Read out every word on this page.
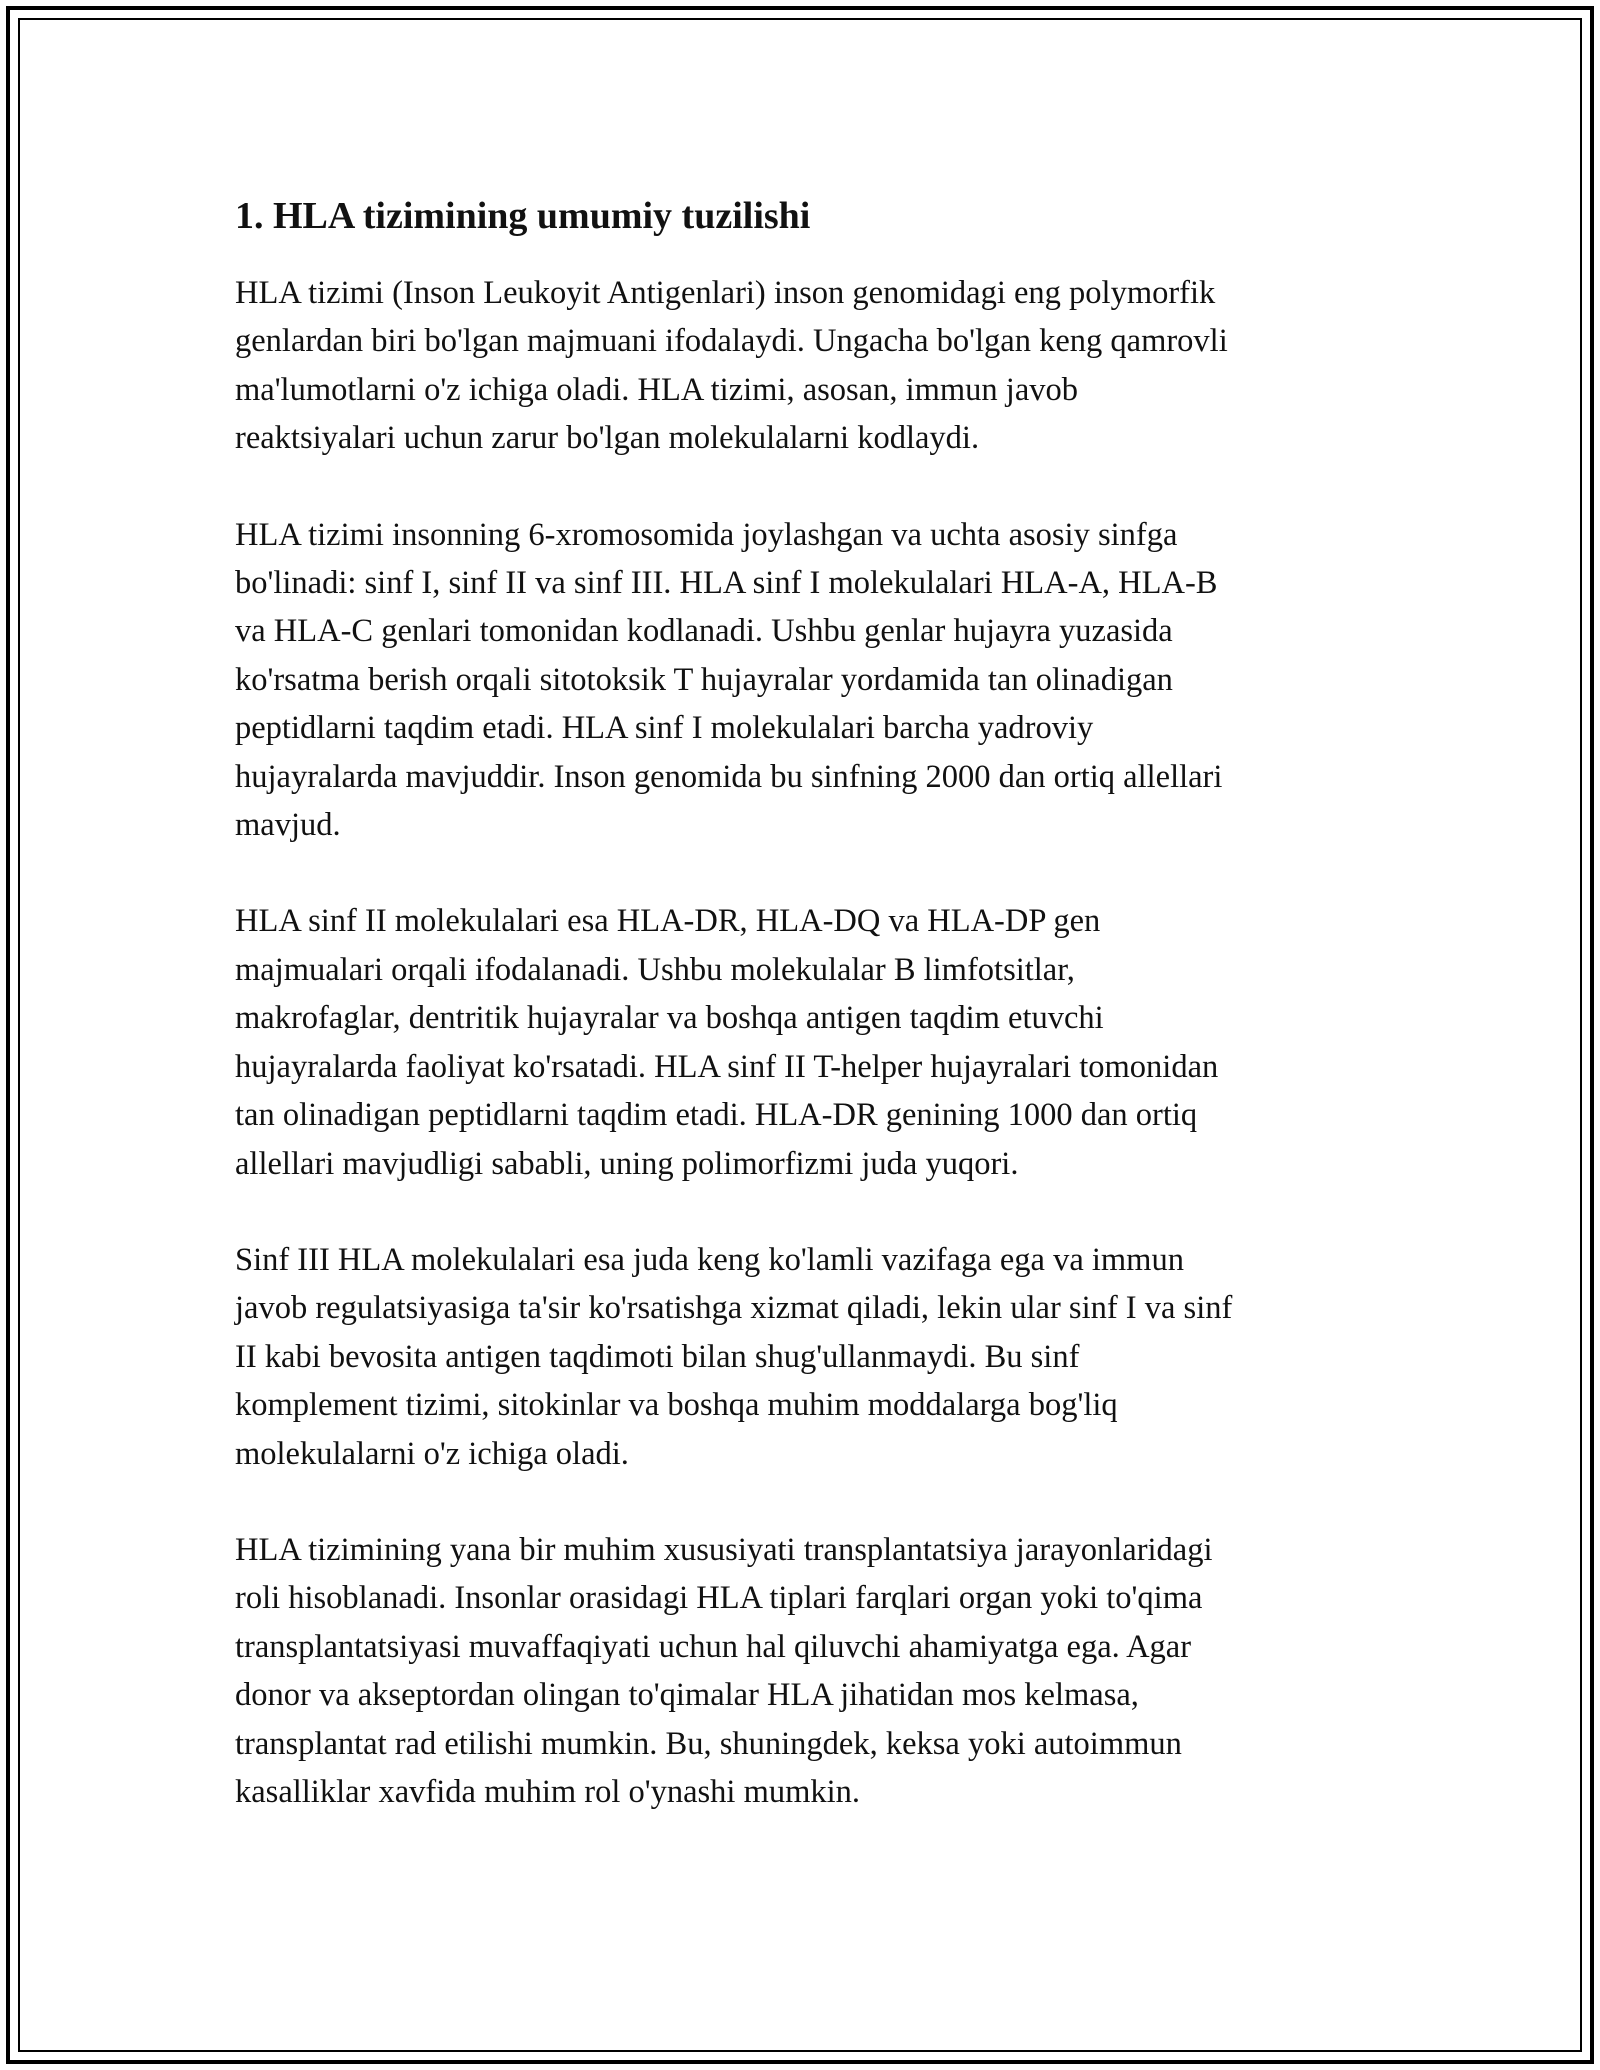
1. HLA tizimining umumiy tuzilishi

HLA tizimi (Inson Leukoyit Antigenlari) inson genomidagi eng polymorfik
genlardan biri bo'lgan majmuani ifodalaydi. Ungacha bo'lgan keng qamrovli
ma'lumotlarni o'z ichiga oladi. HLA tizimi, asosan, immun javob
reaktsiyalari uchun zarur bo'lgan molekulalarni kodlaydi.

HLA tizimi insonning 6-xromosomida joylashgan va uchta asosiy sinfga
bo'linadi: sinf I, sinf II va sinf III. HLA sinf I molekulalari HLA-A, HLA-B
va HLA-C genlari tomonidan kodlanadi. Ushbu genlar hujayra yuzasida
ko'rsatma berish orqali sitotoksik T hujayralar yordamida tan olinadigan
peptidlarni taqdim etadi. HLA sinf I molekulalari barcha yadroviy
hujayralarda mavjuddir. Inson genomida bu sinfning 2000 dan ortiq allellari
mavjud.

HLA sinf II molekulalari esa HLA-DR, HLA-DQ va HLA-DP gen
majmualari orqali ifodalanadi. Ushbu molekulalar B limfotsitlar,
makrofaglar, dentritik hujayralar va boshqa antigen taqdim etuvchi
hujayralarda faoliyat ko'rsatadi. HLA sinf II T-helper hujayralari tomonidan
tan olinadigan peptidlarni taqdim etadi. HLA-DR genining 1000 dan ortiq
allellari mavjudligi sababli, uning polimorfizmi juda yuqori.

Sinf III HLA molekulalari esa juda keng ko'lamli vazifaga ega va immun
javob regulatsiyasiga ta'sir ko'rsatishga xizmat qiladi, lekin ular sinf I va sinf
II kabi bevosita antigen taqdimoti bilan shug'ullanmaydi. Bu sinf
komplement tizimi, sitokinlar va boshqa muhim moddalarga bog'liq
molekulalarni o'z ichiga oladi.

HLA tizimining yana bir muhim xususiyati transplantatsiya jarayonlaridagi
roli hisoblanadi. Insonlar orasidagi HLA tiplari farqlari organ yoki to'qima
transplantatsiyasi muvaffaqiyati uchun hal qiluvchi ahamiyatga ega. Agar
donor va akseptordan olingan to'qimalar HLA jihatidan mos kelmasa,
transplantat rad etilishi mumkin. Bu, shuningdek, keksa yoki autoimmun
kasalliklar xavfida muhim rol o'ynashi mumkin.
